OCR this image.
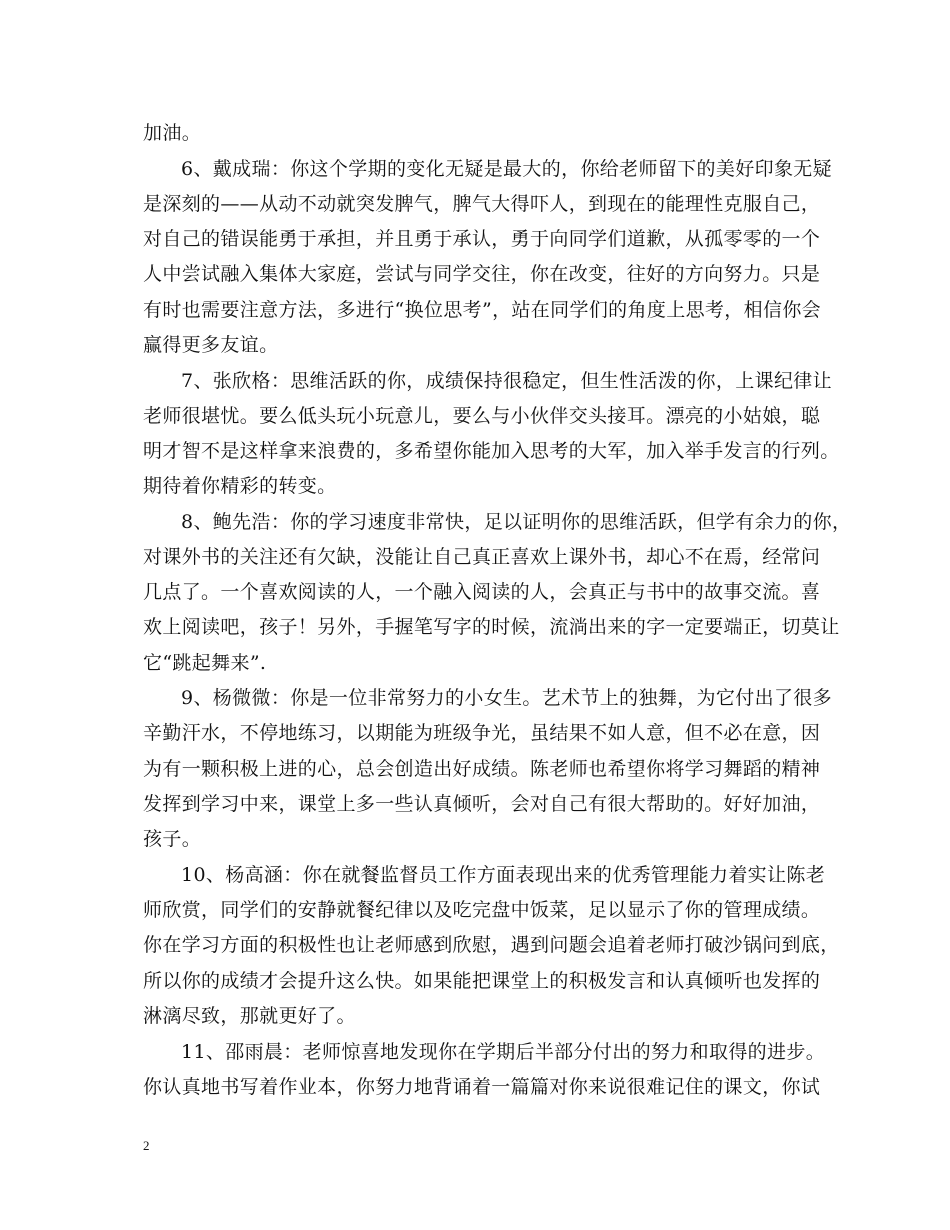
加油。
6、戴成瑞：你这个学期的变化无疑是最大的，你给老师留下的美好印象无疑
是深刻的——从动不动就突发脾气，脾气大得吓人，到现在的能理性克服自己，
对自己的错误能勇于承担，并且勇于承认，勇于向同学们道歉，从孤零零的一个
人中尝试融入集体大家庭，尝试与同学交往，你在改变，往好的方向努力。只是
有时也需要注意方法，多进行“换位思考”，站在同学们的角度上思考，相信你会
赢得更多友谊。
7、张欣格：思维活跃的你，成绩保持很稳定，但生性活泼的你，上课纪律让
老师很堪忧。要么低头玩小玩意儿，要么与小伙伴交头接耳。漂亮的小姑娘，聪
明才智不是这样拿来浪费的，多希望你能加入思考的大军，加入举手发言的行列。
期待着你精彩的转变。
8、鲍先浩：你的学习速度非常快，足以证明你的思维活跃，但学有余力的你，
对课外书的关注还有欠缺，没能让自己真正喜欢上课外书，却心不在焉，经常问
几点了。一个喜欢阅读的人，一个融入阅读的人，会真正与书中的故事交流。喜
欢上阅读吧，孩子！另外，手握笔写字的时候，流淌出来的字一定要端正，切莫让
它“跳起舞来”.
9、杨微微：你是一位非常努力的小女生。艺术节上的独舞，为它付出了很多
辛勤汗水，不停地练习，以期能为班级争光，虽结果不如人意，但不必在意，因
为有一颗积极上进的心，总会创造出好成绩。陈老师也希望你将学习舞蹈的精神
发挥到学习中来，课堂上多一些认真倾听，会对自己有很大帮助的。好好加油，
孩子。
10、杨高涵：你在就餐监督员工作方面表现出来的优秀管理能力着实让陈老
师欣赏，同学们的安静就餐纪律以及吃完盘中饭菜，足以显示了你的管理成绩。
你在学习方面的积极性也让老师感到欣慰，遇到问题会追着老师打破沙锅问到底，
所以你的成绩才会提升这么快。如果能把课堂上的积极发言和认真倾听也发挥的
淋漓尽致，那就更好了。
11、邵雨晨：老师惊喜地发现你在学期后半部分付出的努力和取得的进步。
你认真地书写着作业本，你努力地背诵着一篇篇对你来说很难记住的课文，你试
2
